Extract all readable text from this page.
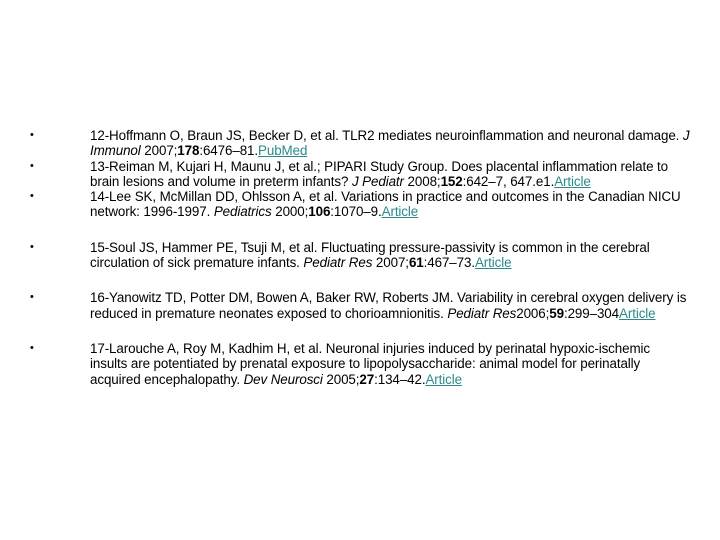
•	12-Hoffmann O, Braun JS, Becker D, et al. TLR2 mediates neuroinflammation and neuronal damage. J Immunol 2007;178:6476–81.PubMed
•	13-Reiman M, Kujari H, Maunu J, et al.; PIPARI Study Group. Does placental inflammation relate to brain lesions and volume in preterm infants? J Pediatr 2008;152:642–7, 647.e1.Article
•	14-Lee SK, McMillan DD, Ohlsson A, et al. Variations in practice and outcomes in the Canadian NICU network: 1996-1997. Pediatrics 2000;106:1070–9.Article
•	15-Soul JS, Hammer PE, Tsuji M, et al. Fluctuating pressure-passivity is common in the cerebral circulation of sick premature infants. Pediatr Res 2007;61:467–73.Article
•	16-Yanowitz TD, Potter DM, Bowen A, Baker RW, Roberts JM. Variability in cerebral oxygen delivery is reduced in premature neonates exposed to chorioamnionitis. Pediatr Res2006;59:299–304Article
•	17-Larouche A, Roy M, Kadhim H, et al. Neuronal injuries induced by perinatal hypoxic-ischemic insults are potentiated by prenatal exposure to lipopolysaccharide: animal model for perinatally acquired encephalopathy. Dev Neurosci 2005;27:134–42.Article
